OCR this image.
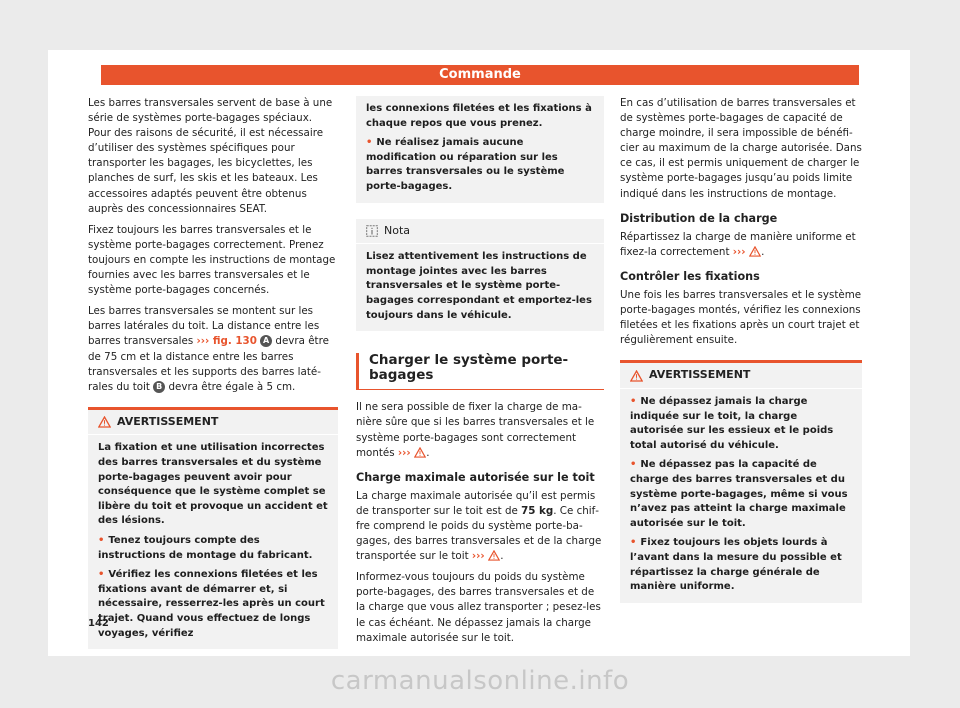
Commande

Les barres transversales servent de base à une série de systèmes porte-bagages spéciaux. Pour des raisons de sécurité, il est nécessaire d’utiliser des systèmes spécifiques pour transporter les bagages, les bicyclettes, les planches de surf, les skis et les bateaux. Les accessoires adaptés peuvent être obtenus auprès des concessionnaires SEAT.

Fixez toujours les barres transversales et le système porte-bagages correctement. Prenez toujours en compte les instructions de montage fournies avec les barres transversales et le système porte-bagages concernés.

Les barres transversales se montent sur les barres latérales du toit. La distance entre les barres transversales ››› fig. 130 A devra être de 75 cm et la distance entre les barres transversales et les supports des barres latérales du toit B devra être égale à 5 cm.

AVERTISSEMENT

La fixation et une utilisation incorrectes des barres transversales et du système porte-bagages peuvent avoir pour conséquence que le système complet se libère du toit et provoque un accident et des lésions.

• Tenez toujours compte des instructions de montage du fabricant.

• Vérifiez les connexions filetées et les fixations avant de démarrer et, si nécessaire, resserrez-les après un court trajet. Quand vous effectuez de longs voyages, vérifiez

les connexions filetées et les fixations à chaque repos que vous prenez.

• Ne réalisez jamais aucune modification ou réparation sur les barres transversales ou le système porte-bagages.

Nota

Lisez attentivement les instructions de montage jointes avec les barres transversales et le système porte-bagages correspondant et emportez-les toujours dans le véhicule.

Charger le système porte-bagages

Il ne sera possible de fixer la charge de manière sûre que si les barres transversales et le système porte-bagages sont correctement montés ››› .

Charge maximale autorisée sur le toit

La charge maximale autorisée qu’il est permis de transporter sur le toit est de 75 kg. Ce chiffre comprend le poids du système porte-bagages, des barres transversales et de la charge transportée sur le toit ››› .

Informez-vous toujours du poids du système porte-bagages, des barres transversales et de la charge que vous allez transporter ; pesez-les le cas échéant. Ne dépassez jamais la charge maximale autorisée sur le toit.

En cas d’utilisation de barres transversales et de systèmes porte-bagages de capacité de charge moindre, il sera impossible de bénéficier au maximum de la charge autorisée. Dans ce cas, il est permis uniquement de charger le système porte-bagages jusqu’au poids limite indiqué dans les instructions de montage.

Distribution de la charge

Répartissez la charge de manière uniforme et fixez-la correctement ››› .

Contrôler les fixations

Une fois les barres transversales et le système porte-bagages montés, vérifiez les connexions filetées et les fixations après un court trajet et régulièrement ensuite.

AVERTISSEMENT

• Ne dépassez jamais la charge indiquée sur le toit, la charge autorisée sur les essieux et le poids total autorisé du véhicule.

• Ne dépassez pas la capacité de charge des barres transversales et du système porte-bagages, même si vous n’avez pas atteint la charge maximale autorisée sur le toit.

• Fixez toujours les objets lourds à l’avant dans la mesure du possible et répartissez la charge générale de manière uniforme.

142
carmanualsonline.info
